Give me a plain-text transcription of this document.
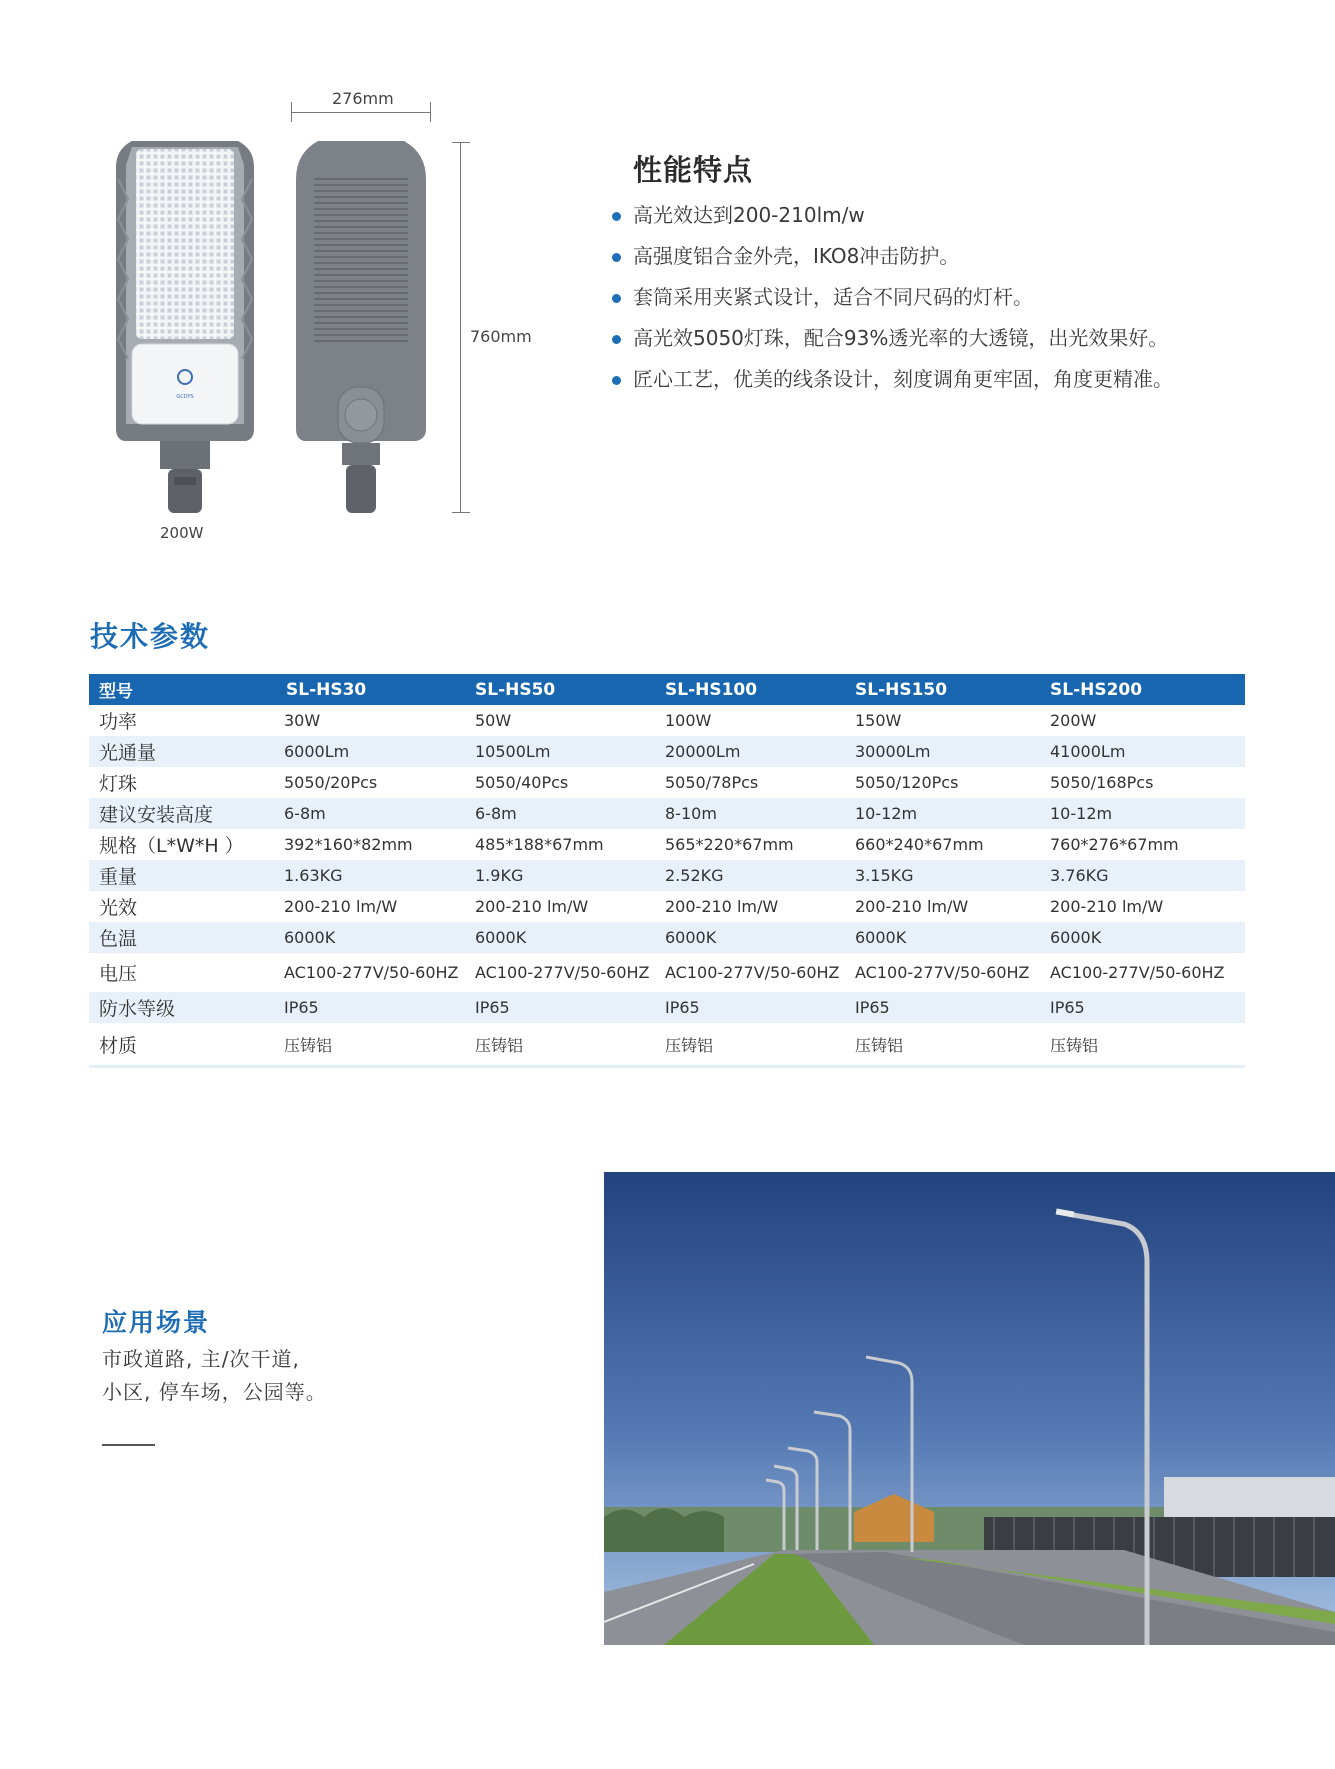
276mm
760mm
GCDYS
200W
性能特点
高光效达到200-210lm/w
高强度铝合金外壳，IKO8冲击防护。
套筒采用夹紧式设计，适合不同尺码的灯杆。
高光效5050灯珠，配合93%透光率的大透镜，出光效果好。
匠心工艺，优美的线条设计，刻度调角更牢固，角度更精准。
技术参数
型号	SL-HS30	SL-HS50	SL-HS100	SL-HS150	SL-HS200
功率	30W	50W	100W	150W	200W
光通量	6000Lm	10500Lm	20000Lm	30000Lm	41000Lm
灯珠	5050/20Pcs	5050/40Pcs	5050/78Pcs	5050/120Pcs	5050/168Pcs
建议安装高度	6-8m	6-8m	8-10m	10-12m	10-12m
规格（L*W*H ）	392*160*82mm	485*188*67mm	565*220*67mm	660*240*67mm	760*276*67mm
重量	1.63KG	1.9KG	2.52KG	3.15KG	3.76KG
光效	200-210 lm/W	200-210 lm/W	200-210 lm/W	200-210 lm/W	200-210 lm/W
色温	6000K	6000K	6000K	6000K	6000K
电压	AC100-277V/50-60HZ	AC100-277V/50-60HZ	AC100-277V/50-60HZ	AC100-277V/50-60HZ	AC100-277V/50-60HZ
防水等级	IP65	IP65	IP65	IP65	IP65
材质	压铸铝	压铸铝	压铸铝	压铸铝	压铸铝
应用场景
市政道路, 主/次干道,
小区, 停车场，公园等。
